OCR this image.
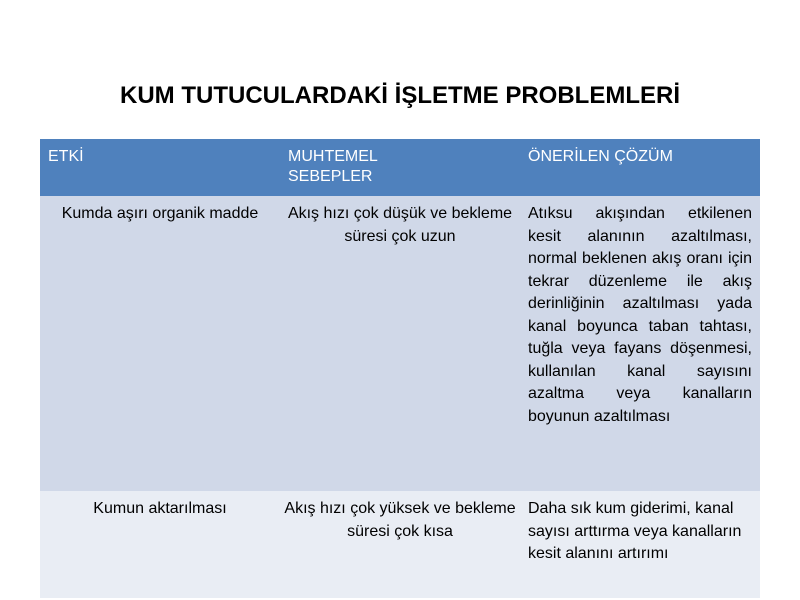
KUM TUTUCULARDAKİ İŞLETME PROBLEMLERİ
ETKİ	MUHTEMEL SEBEPLER	ÖNERİLEN ÇÖZÜM

Kumda aşırı organik madde	Akış hızı çok düşük ve bekleme süresi çok uzun	Atıksu akışından etkilenen kesit alanının azaltılması, normal beklenen akış oranı için tekrar düzenleme ile akış derinliğinin azaltılması yada kanal boyunca taban tahtası, tuğla veya fayans döşenmesi, kullanılan kanal sayısını azaltma veya kanalların boyunun azaltılması

Kumun aktarılması	Akış hızı çok yüksek ve bekleme süresi çok kısa	Daha sık kum giderimi, kanal sayısı arttırma veya kanalların kesit alanını artırımı
